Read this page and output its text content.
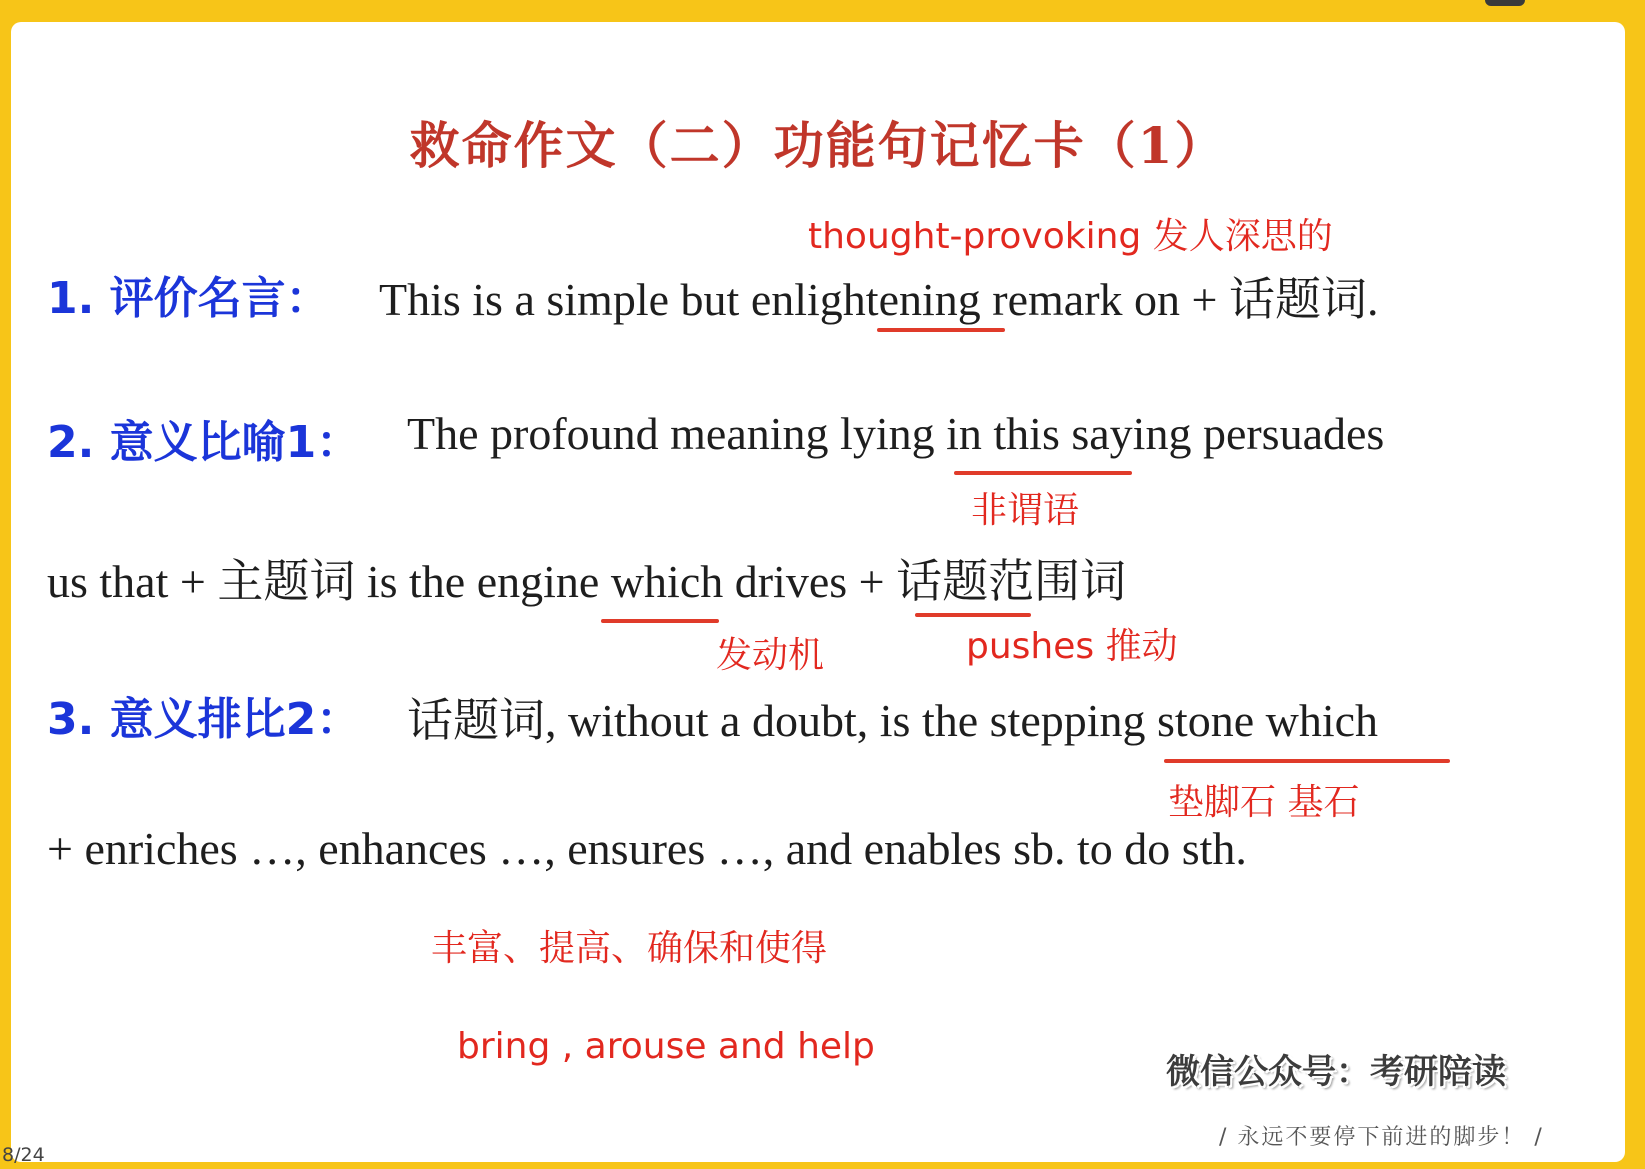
救命作文（二）功能句记忆卡（1）
thought-provoking 发人深思的
1. 评价名言： This is a simple but enlightening remark on + 话题词.
2. 意义比喻1： The profound meaning lying in this saying persuades
非谓语
us that + 主题词 is the engine which drives + 话题范围词
发动机	pushes 推动
3. 意义排比2： 话题词, without a doubt, is the stepping stone which
垫脚石 基石
+ enriches …, enhances …, ensures …, and enables sb. to do sth.
丰富、提高、确保和使得
bring , arouse and help
微信公众号：考研陪读
/ 永远不要停下前进的脚步！ /
8/24
